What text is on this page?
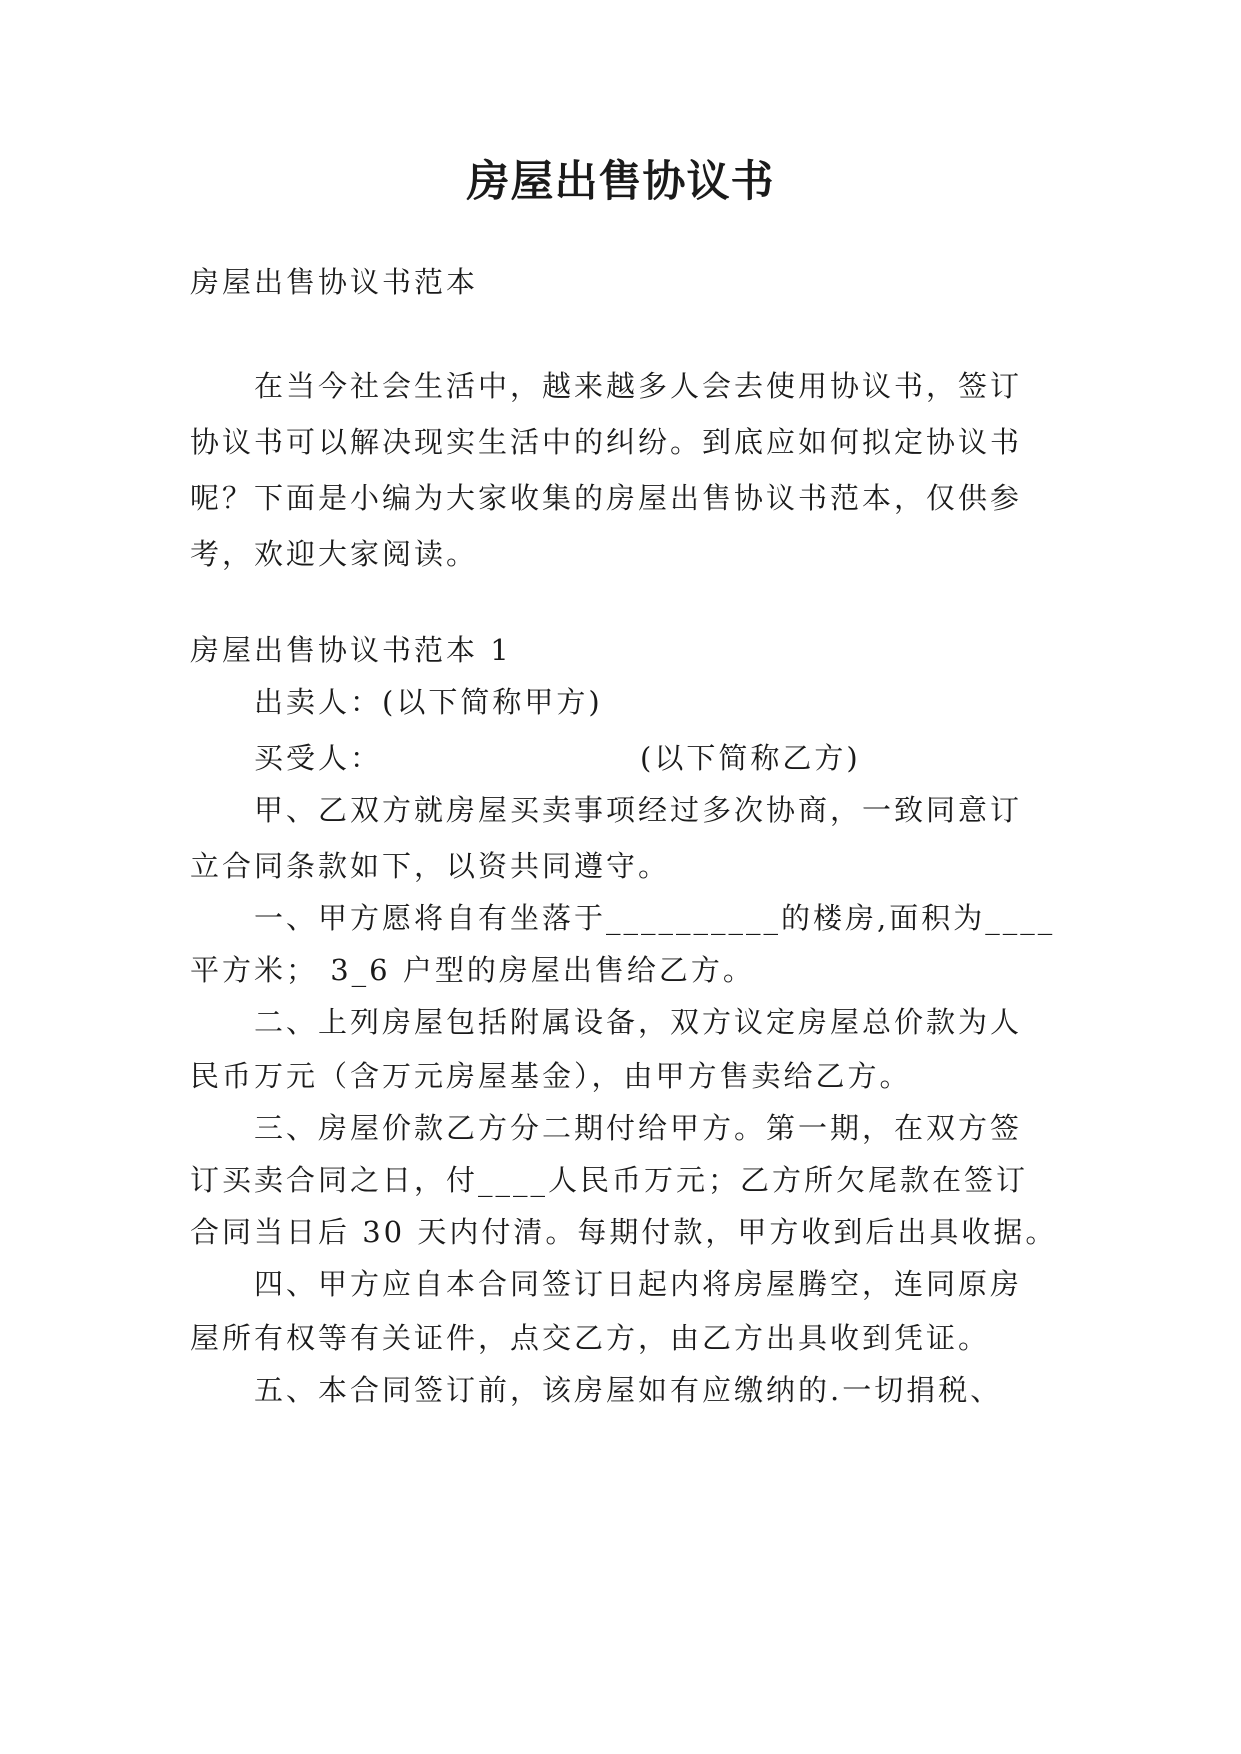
房屋出售协议书
房屋出售协议书范本
在当今社会生活中，越来越多人会去使用协议书，签订
协议书可以解决现实生活中的纠纷。到底应如何拟定协议书
呢？下面是小编为大家收集的房屋出售协议书范本，仅供参
考，欢迎大家阅读。
房屋出售协议书范本 1
出卖人：(以下简称甲方)
买受人：	(以下简称乙方)
甲、乙双方就房屋买卖事项经过多次协商，一致同意订
立合同条款如下，以资共同遵守。
一、甲方愿将自有坐落于__________的楼房,面积为____
平方米； 3_6 户型的房屋出售给乙方。
二、上列房屋包括附属设备，双方议定房屋总价款为人
民币万元（含万元房屋基金），由甲方售卖给乙方。
三、房屋价款乙方分二期付给甲方。第一期，在双方签
订买卖合同之日，付____人民币万元；乙方所欠尾款在签订
合同当日后 30 天内付清。每期付款，甲方收到后出具收据。
四、甲方应自本合同签订日起内将房屋腾空，连同原房
屋所有权等有关证件，点交乙方，由乙方出具收到凭证。
五、本合同签订前，该房屋如有应缴纳的.一切捐税、
